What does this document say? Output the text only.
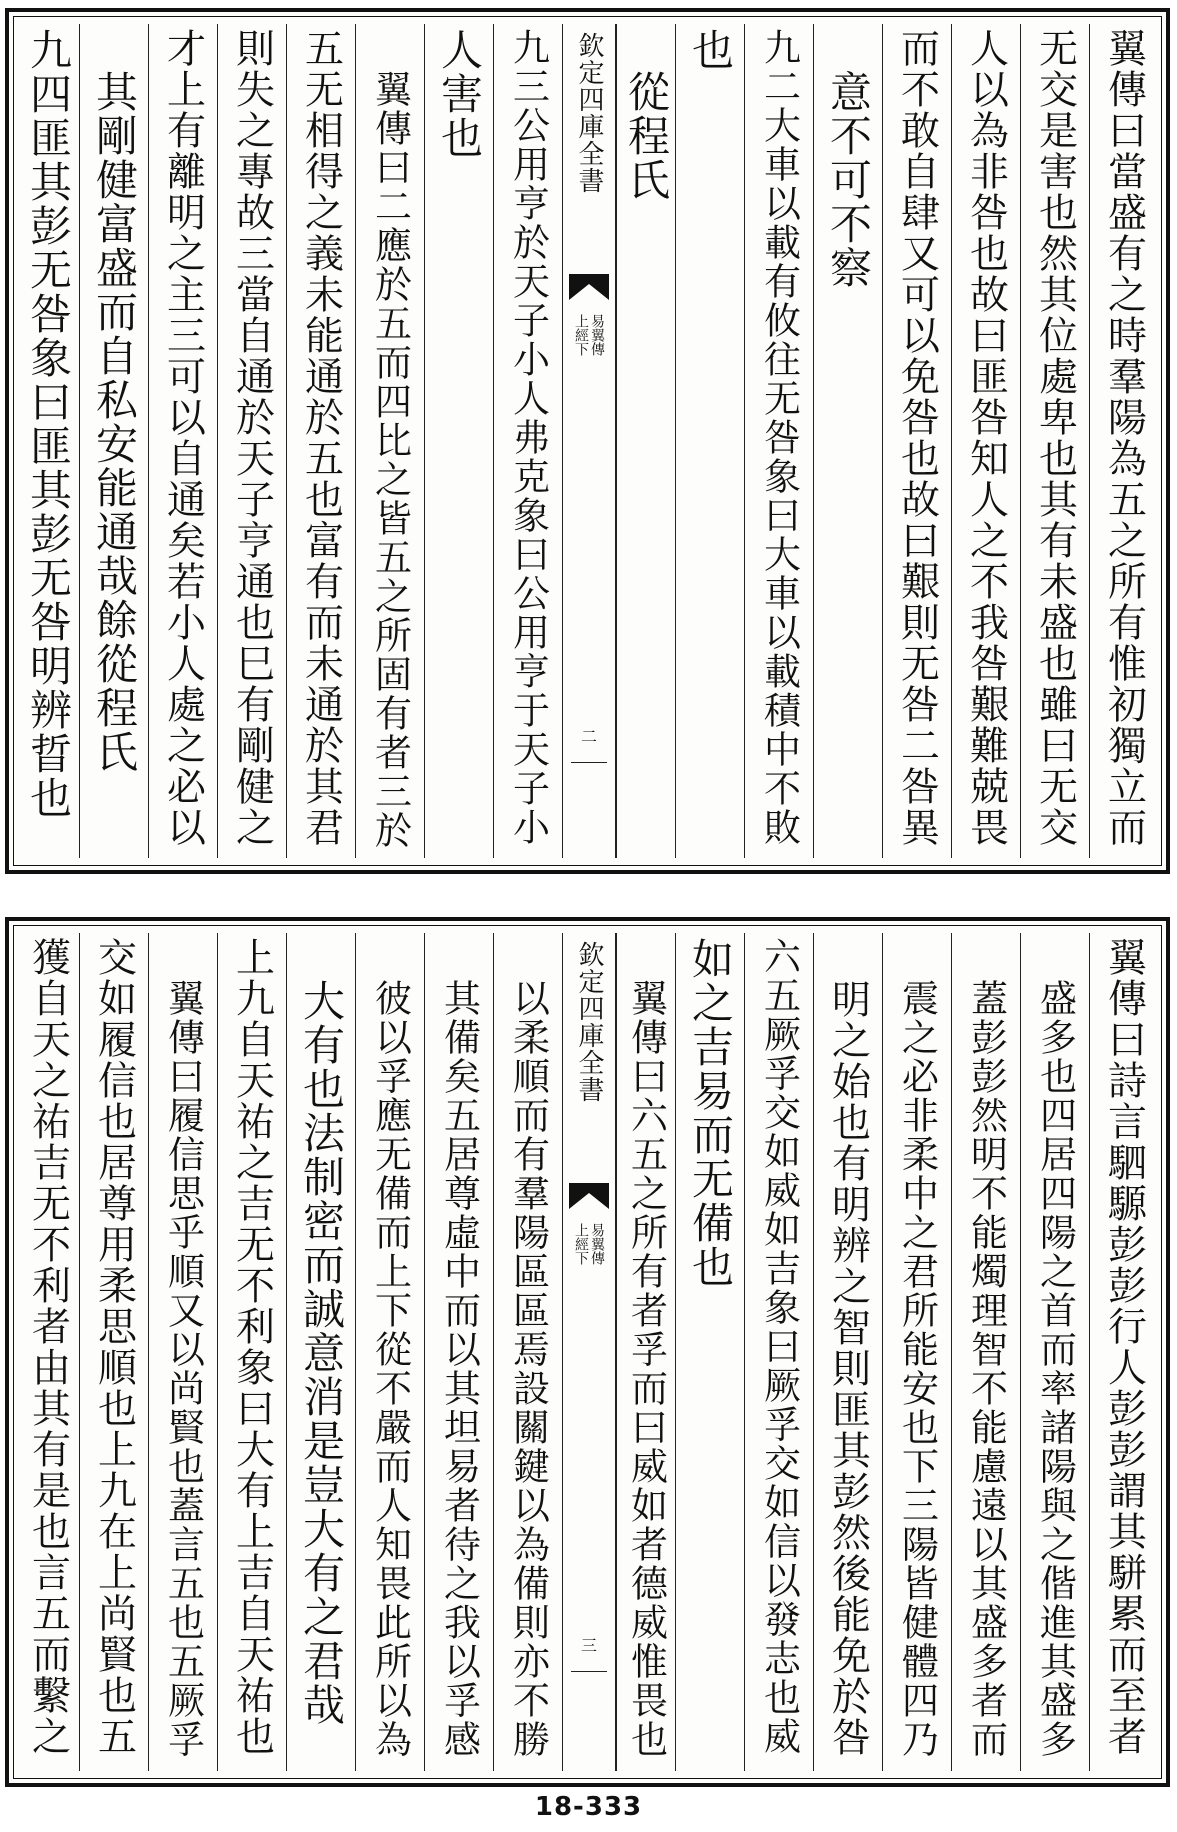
翼傳曰當盛有之時羣陽為五之所有惟初獨立而
无交是害也然其位處卑也其有未盛也雖曰无交
人以為非咎也故曰匪咎知人之不我咎艱難兢畏
而不敢自肆又可以免咎也故曰艱則无咎二咎異
意不可不察
九二大車以載有攸往无咎象曰大車以載積中不敗
也
從程氏
欽定四庫全書
易翼傳
上經下
二
九三公用亨於天子小人弗克象曰公用亨于天子小
人害也
翼傳曰二應於五而四比之皆五之所固有者三於
五无相得之義未能通於五也富有而未通於其君
則失之專故三當自通於天子亨通也巳有剛健之
才上有離明之主三可以自通矣若小人處之必以
其剛健富盛而自私安能通哉餘從程氏
九四匪其彭无咎象曰匪其彭无咎明辨晢也
翼傳曰詩言駟騵彭彭行人彭彭謂其駢累而至者
盛多也四居四陽之首而率諸陽與之偕進其盛多
蓋彭彭然明不能燭理智不能慮遠以其盛多者而
震之必非柔中之君所能安也下三陽皆健體四乃
明之始也有明辨之智則匪其彭然後能免於咎
六五厥孚交如威如吉象曰厥孚交如信以發志也威
如之吉易而无備也
翼傳曰六五之所有者孚而曰威如者德威惟畏也
欽定四庫全書
易翼傳
上經下
三
以柔順而有羣陽區區焉設關鍵以為備則亦不勝
其備矣五居尊虛中而以其坦易者待之我以孚感
彼以孚應无備而上下從不嚴而人知畏此所以為
大有也法制密而誠意消是豈大有之君哉
上九自天祐之吉无不利象曰大有上吉自天祐也
翼傳曰履信思乎順又以尚賢也蓋言五也五厥孚
交如履信也居尊用柔思順也上九在上尚賢也五
獲自天之祐吉无不利者由其有是也言五而繫之
18-333
